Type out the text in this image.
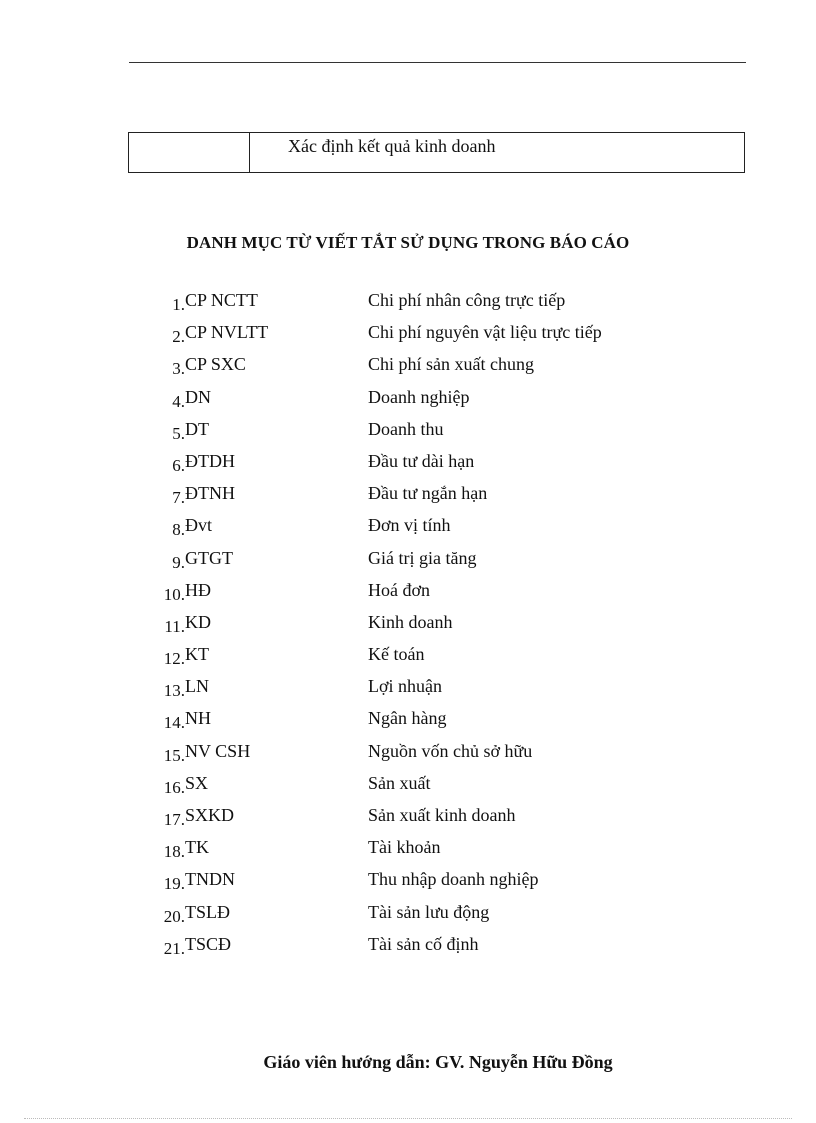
Xác định kết quả kinh doanh
DANH MỤC TỪ VIẾT TẮT SỬ DỤNG TRONG BÁO CÁO
1. CP NCTT	Chi phí nhân công trực tiếp
2. CP NVLTT	Chi phí nguyên vật liệu trực tiếp
3. CP SXC	Chi phí sản xuất chung
4. DN	Doanh nghiệp
5. DT	Doanh thu
6. ĐTDH	Đầu tư dài hạn
7. ĐTNH	Đầu tư ngắn hạn
8. Đvt	Đơn vị tính
9. GTGT	Giá trị gia tăng
10. HĐ	Hoá đơn
11. KD	Kinh doanh
12. KT	Kế toán
13. LN	Lợi nhuận
14. NH	Ngân hàng
15. NV CSH	Nguồn vốn chủ sở hữu
16. SX	Sản xuất
17. SXKD	Sản xuất kinh doanh
18. TK	Tài khoản
19. TNDN	Thu nhập doanh nghiệp
20. TSLĐ	Tài sản lưu động
21. TSCĐ	Tài sản cố định
Giáo viên hướng dẫn: GV. Nguyễn Hữu Đồng
